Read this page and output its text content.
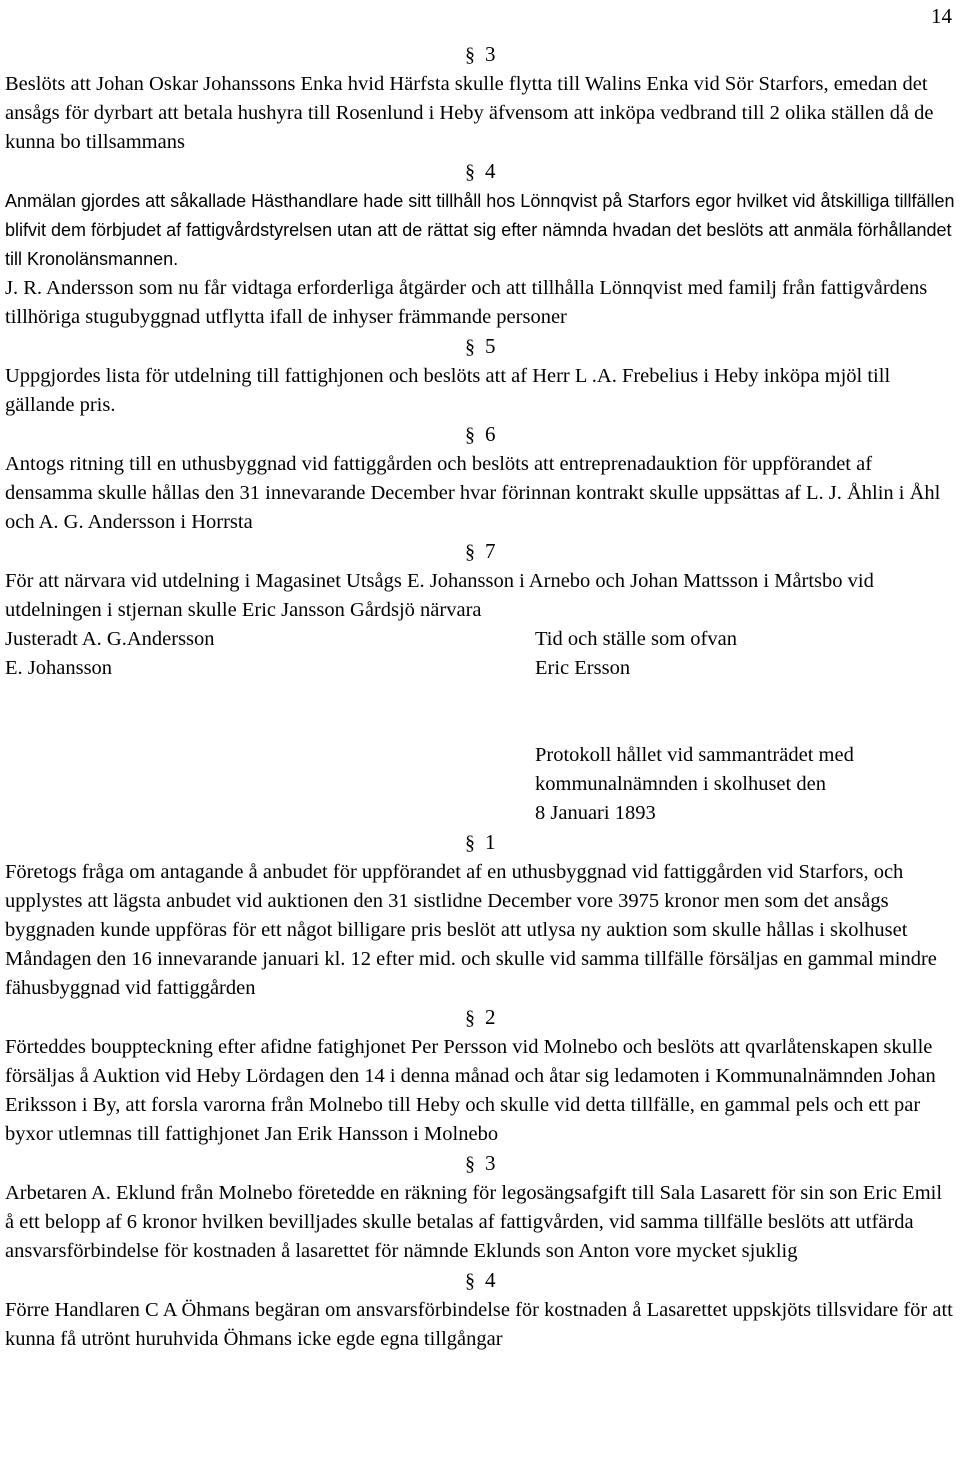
14
§ 3

Beslöts att Johan Oskar Johanssons Enka hvid Härfsta skulle flytta till Walins Enka vid Sör Starfors, emedan det ansågs för dyrbart att betala hushyra till Rosenlund i Heby äfvensom att inköpa vedbrand till 2 olika ställen då de kunna bo tillsammans

§ 4

Anmälan gjordes att såkallade Hästhandlare hade sitt tillhåll hos Lönnqvist på Starfors egor hvilket vid åtskilliga tillfällen blifvit dem förbjudet af fattigvårdstyrelsen utan att de rättat sig efter nämnda hvadan det beslöts att anmäla förhållandet till Kronolänsmannen.

J. R. Andersson som nu får vidtaga erforderliga åtgärder och att tillhålla Lönnqvist med familj från fattigvårdens tillhöriga stugubyggnad utflytta ifall de inhyser främmande personer

§ 5

Uppgjordes lista för utdelning till fattighjonen och beslöts att af Herr L .A. Frebelius i Heby inköpa mjöl till gällande pris.

§ 6

Antogs ritning till en uthusbyggnad vid fattiggården och beslöts att entreprenadauktion för uppförandet af densamma skulle hållas den 31 innevarande December hvar förinnan kontrakt skulle uppsättas af L. J. Åhlin i Åhl och A. G. Andersson i Horrsta

§ 7

För att närvara vid utdelning i Magasinet Utsågs E. Johansson i Arnebo och Johan Mattsson i Mårtsbo vid utdelningen i stjernan skulle Eric Jansson Gårdsjö närvara

Justeradt A. G.Andersson	Tid och ställe som ofvan
E. Johansson	Eric Ersson
Protokoll hållet vid sammanträdet med
kommunalnämnden i skolhuset den
8 Januari 1893
§ 1

Företogs fråga om antagande å anbudet för uppförandet af en uthusbyggnad vid fattiggården vid Starfors, och upplystes att lägsta anbudet vid auktionen den 31 sistlidne December vore 3975 kronor men som det ansågs byggnaden kunde uppföras för ett något billigare pris beslöt att utlysa ny auktion som skulle hållas i skolhuset Måndagen den 16 innevarande januari kl. 12 efter mid. och skulle vid samma tillfälle försäljas en gammal mindre fähusbyggnad vid fattiggården

§ 2

Förteddes bouppteckning efter afidne fatighjonet Per Persson vid Molnebo och beslöts att qvarlåtenskapen skulle försäljas å Auktion vid Heby Lördagen den 14 i denna månad och åtar sig ledamoten i Kommunalnämnden Johan Eriksson i By, att forsla varorna från Molnebo till Heby och skulle vid detta tillfälle, en gammal pels och ett par byxor utlemnas till fattighjonet Jan Erik Hansson i Molnebo

§ 3

Arbetaren A. Eklund från Molnebo företedde en räkning för legosängsafgift till Sala Lasarett för sin son Eric Emil å ett belopp af 6 kronor hvilken bevilljades skulle betalas af fattigvården, vid samma tillfälle beslöts att utfärda ansvarsförbindelse för kostnaden å lasarettet för nämnde Eklunds son Anton vore mycket sjuklig

§ 4

Förre Handlaren C A Öhmans begäran om ansvarsförbindelse för kostnaden å Lasarettet uppskjöts tillsvidare för att kunna få utrönt huruhvida Öhmans icke egde egna tillgångar
